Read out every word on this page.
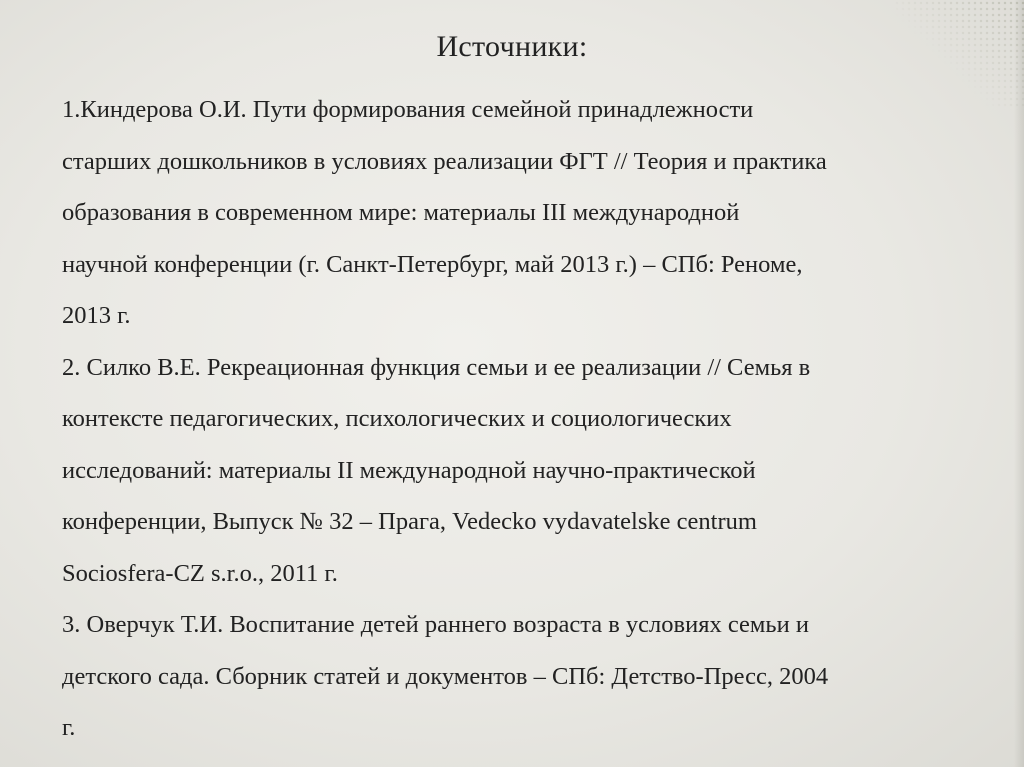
Источники:
1.Киндерова О.И. Пути формирования семейной принадлежности
старших дошкольников в условиях реализации ФГТ // Теория и практика
образования в современном мире: материалы III международной
научной конференции (г. Санкт-Петербург, май 2013 г.) – СПб: Реноме,
2013 г.
2. Силко В.Е. Рекреационная функция семьи и ее реализации // Семья в
контексте педагогических, психологических и социологических
исследований: материалы II международной научно-практической
конференции, Выпуск № 32 – Прага, Vedecko vydavatelske centrum
Sociosfera-CZ s.r.o., 2011 г.
3. Оверчук Т.И. Воспитание детей раннего возраста в условиях семьи и
детского сада. Сборник статей и документов – СПб: Детство-Пресс, 2004
г.
